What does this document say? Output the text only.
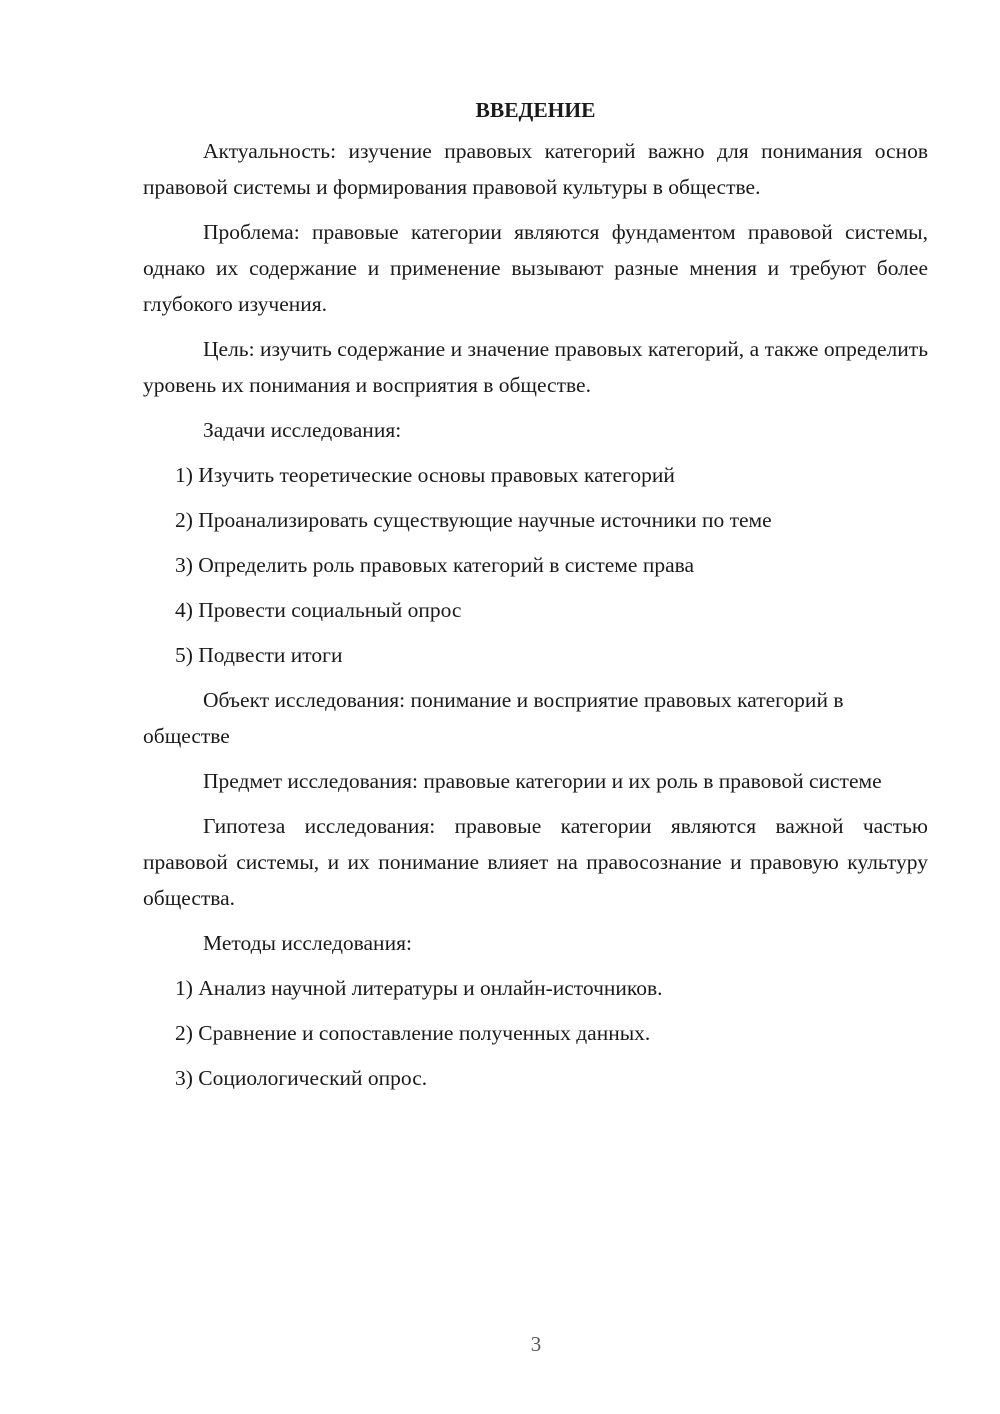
ВВЕДЕНИЕ
Актуальность: изучение правовых категорий важно для понимания основ правовой системы и формирования правовой культуры в обществе.
Проблема: правовые категории являются фундаментом правовой системы, однако их содержание и применение вызывают разные мнения и требуют более глубокого изучения.
Цель: изучить содержание и значение правовых категорий, а также определить уровень их понимания и восприятия в обществе.
Задачи исследования:
1) Изучить теоретические основы правовых категорий
2) Проанализировать существующие научные источники по теме
3) Определить роль правовых категорий в системе права
4) Провести социальный опрос
5) Подвести итоги
Объект исследования: понимание и восприятие правовых категорий в обществе
Предмет исследования: правовые категории и их роль в правовой системе
Гипотеза исследования: правовые категории являются важной частью правовой системы, и их понимание влияет на правосознание и правовую культуру общества.
Методы исследования:
1) Анализ научной литературы и онлайн-источников.
2) Сравнение и сопоставление полученных данных.
3) Социологический опрос.
3
